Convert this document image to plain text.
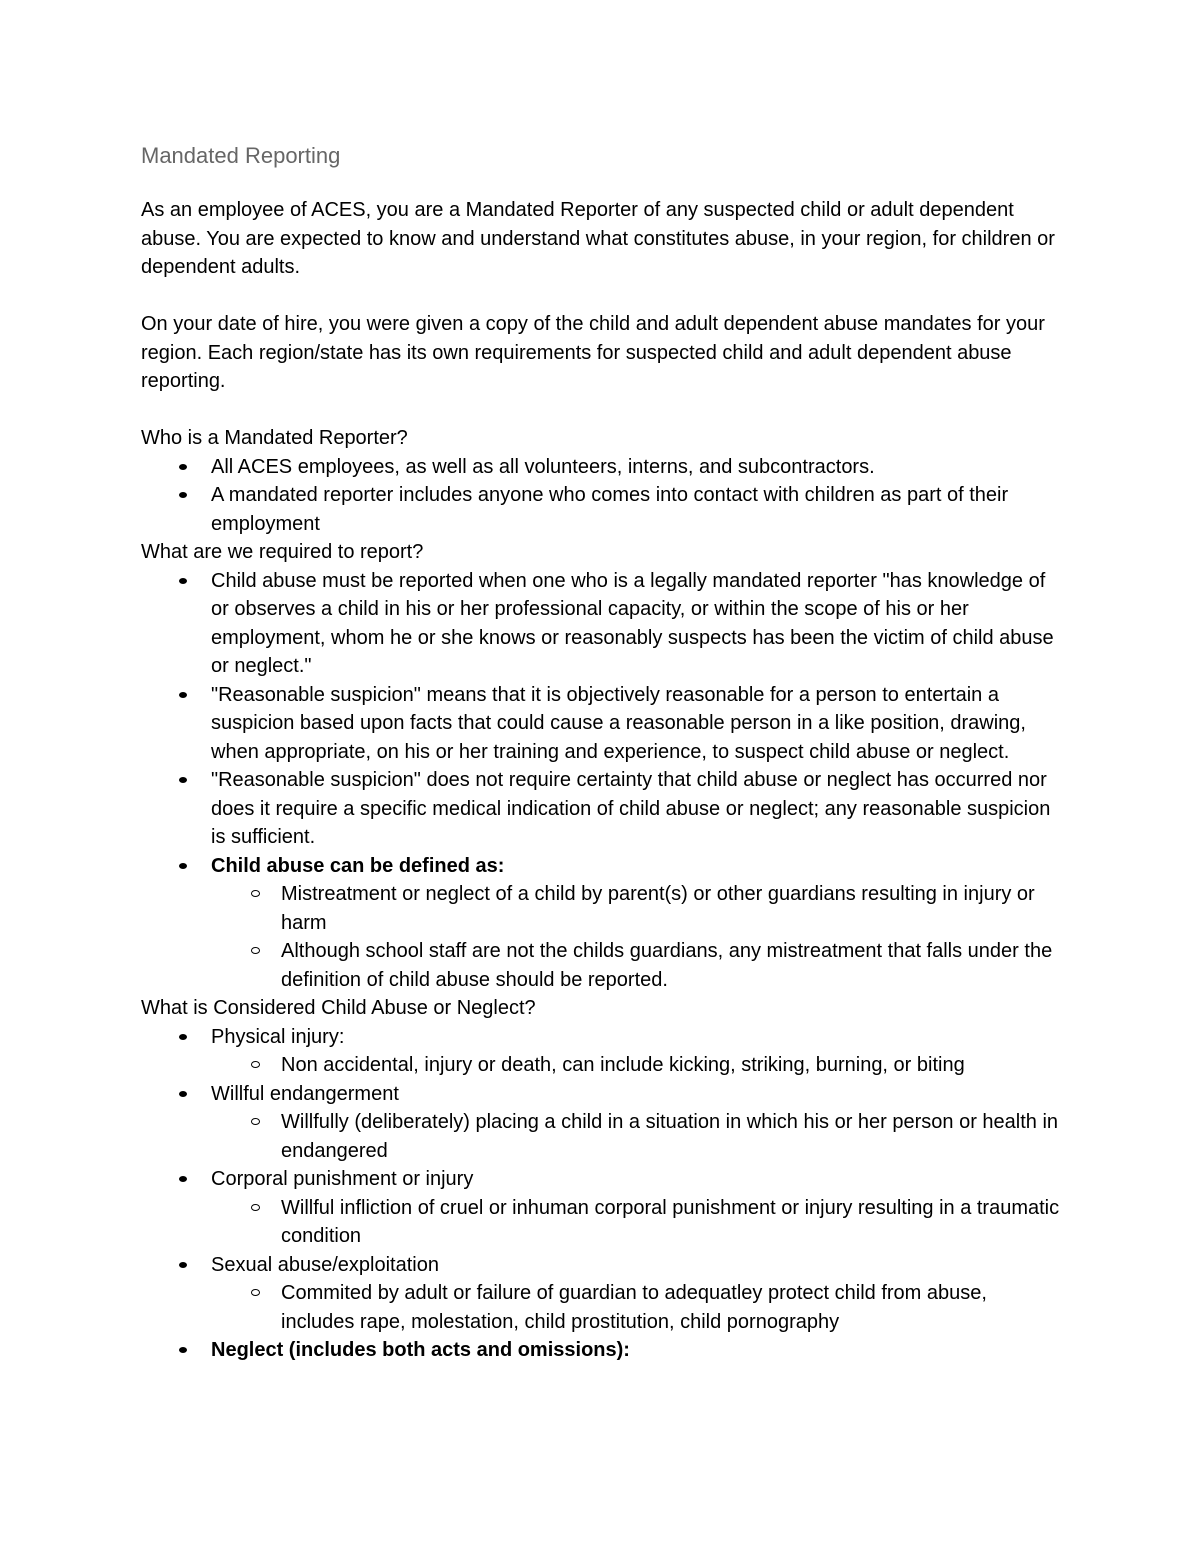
Mandated Reporting

As an employee of ACES, you are a Mandated Reporter of any suspected child or adult dependent abuse. You are expected to know and understand what constitutes abuse, in your region, for children or dependent adults.

On your date of hire, you were given a copy of the child and adult dependent abuse mandates for your region. Each region/state has its own requirements for suspected child and adult dependent abuse reporting.

Who is a Mandated Reporter?

All ACES employees, as well as all volunteers, interns, and subcontractors.
A mandated reporter includes anyone who comes into contact with children as part of their employment

What are we required to report?

Child abuse must be reported when one who is a legally mandated reporter "has knowledge of or observes a child in his or her professional capacity, or within the scope of his or her employment, whom he or she knows or reasonably suspects has been the victim of child abuse or neglect."
"Reasonable suspicion" means that it is objectively reasonable for a person to entertain a suspicion based upon facts that could cause a reasonable person in a like position, drawing, when appropriate, on his or her training and experience, to suspect child abuse or neglect.
"Reasonable suspicion" does not require certainty that child abuse or neglect has occurred nor does it require a specific medical indication of child abuse or neglect; any reasonable suspicion is sufficient.
Child abuse can be defined as:
Mistreatment or neglect of a child by parent(s) or other guardians resulting in injury or harm
Although school staff are not the childs guardians, any mistreatment that falls under the definition of child abuse should be reported.

What is Considered Child Abuse or Neglect?

Physical injury:
Non accidental, injury or death, can include kicking, striking, burning, or biting
Willful endangerment
Willfully (deliberately) placing a child in a situation in which his or her person or health in endangered
Corporal punishment or injury
Willful infliction of cruel or inhuman corporal punishment or injury resulting in a traumatic condition
Sexual abuse/exploitation
Commited by adult or failure of guardian to adequatley protect child from abuse, includes rape, molestation, child prostitution, child pornography
Neglect (includes both acts and omissions):
